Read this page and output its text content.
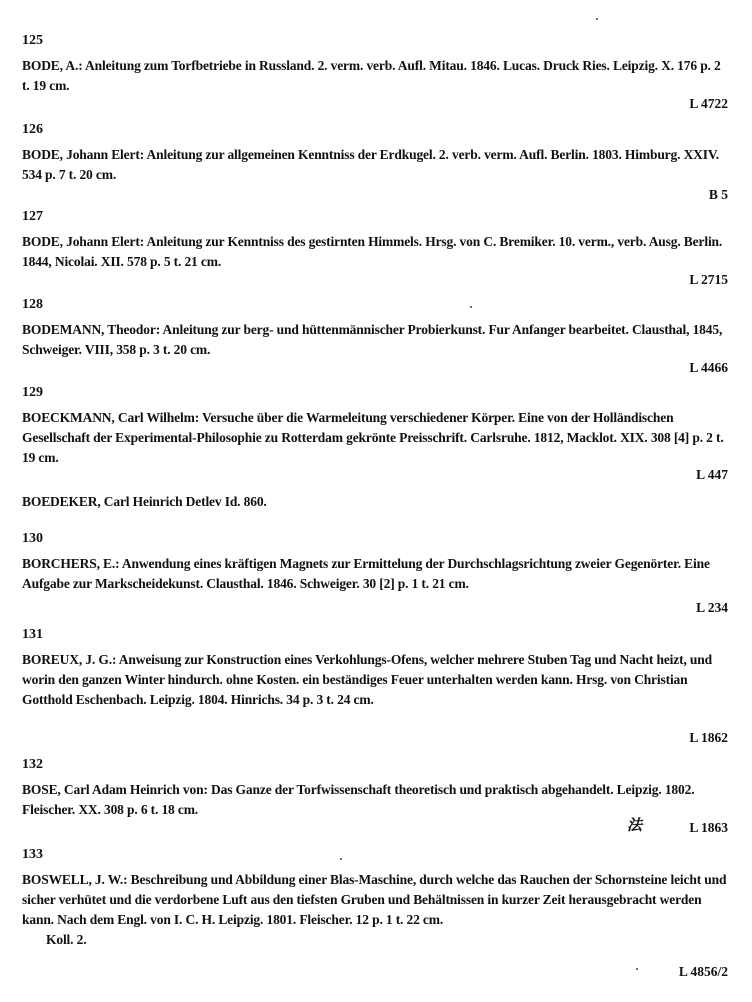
125
BODE, A.: Anleitung zum Torfbetriebe in Russland. 2. verm. verb. Aufl. Mitau. 1846. Lucas. Druck Ries. Leipzig. X. 176 p. 2 t. 19 cm.
L 4722
126
BODE, Johann Elert: Anleitung zur allgemeinen Kenntniss der Erdkugel. 2. verb. verm. Aufl. Berlin. 1803. Himburg. XXIV. 534 p. 7 t. 20 cm.
B 5
127
BODE, Johann Elert: Anleitung zur Kenntniss des gestirnten Himmels. Hrsg. von C. Bremiker. 10. verm., verb. Ausg. Berlin. 1844, Nicolai. XII. 578 p. 5 t. 21 cm.
L 2715
128
BODEMANN, Theodor: Anleitung zur berg- und hüttenmännischer Probierkunst. Fur Anfanger bearbeitet. Clausthal, 1845, Schweiger. VIII, 358 p. 3 t. 20 cm.
L 4466
129
BOECKMANN, Carl Wilhelm: Versuche über die Warmeleitung verschiedener Körper. Eine von der Holländischen Gesellschaft der Experimental-Philosophie zu Rotterdam gekrönte Preisschrift. Carlsruhe. 1812, Macklot. XIX. 308 [4] p. 2 t. 19 cm.
L 447
BOEDEKER, Carl Heinrich Detlev Id. 860.
130
BORCHERS, E.: Anwendung eines kräftigen Magnets zur Ermittelung der Durchschlagsrichtung zweier Gegenörter. Eine Aufgabe zur Markscheidekunst. Clausthal. 1846. Schweiger. 30 [2] p. 1 t. 21 cm.
L 234
131
BOREUX, J. G.: Anweisung zur Konstruction eines Verkohlungs-Ofens, welcher mehrere Stuben Tag und Nacht heizt, und worin den ganzen Winter hindurch. ohne Kosten. ein beständiges Feuer unterhalten werden kann. Hrsg. von Christian Gotthold Eschenbach. Leipzig. 1804. Hinrichs. 34 p. 3 t. 24 cm.
L 1862
132
BOSE, Carl Adam Heinrich von: Das Ganze der Torfwissenschaft theoretisch und praktisch abgehandelt. Leipzig. 1802. Fleischer. XX. 308 p. 6 t. 18 cm.
法	L 1863
133
BOSWELL, J. W.: Beschreibung und Abbildung einer Blas-Maschine, durch welche das Rauchen der Schornsteine leicht und sicher verhütet und die verdorbene Luft aus den tiefsten Gruben und Behältnissen in kurzer Zeit herausgebracht werden kann. Nach dem Engl. von I. C. H. Leipzig. 1801. Fleischer. 12 p. 1 t. 22 cm.
Koll. 2.
L 4856/2
